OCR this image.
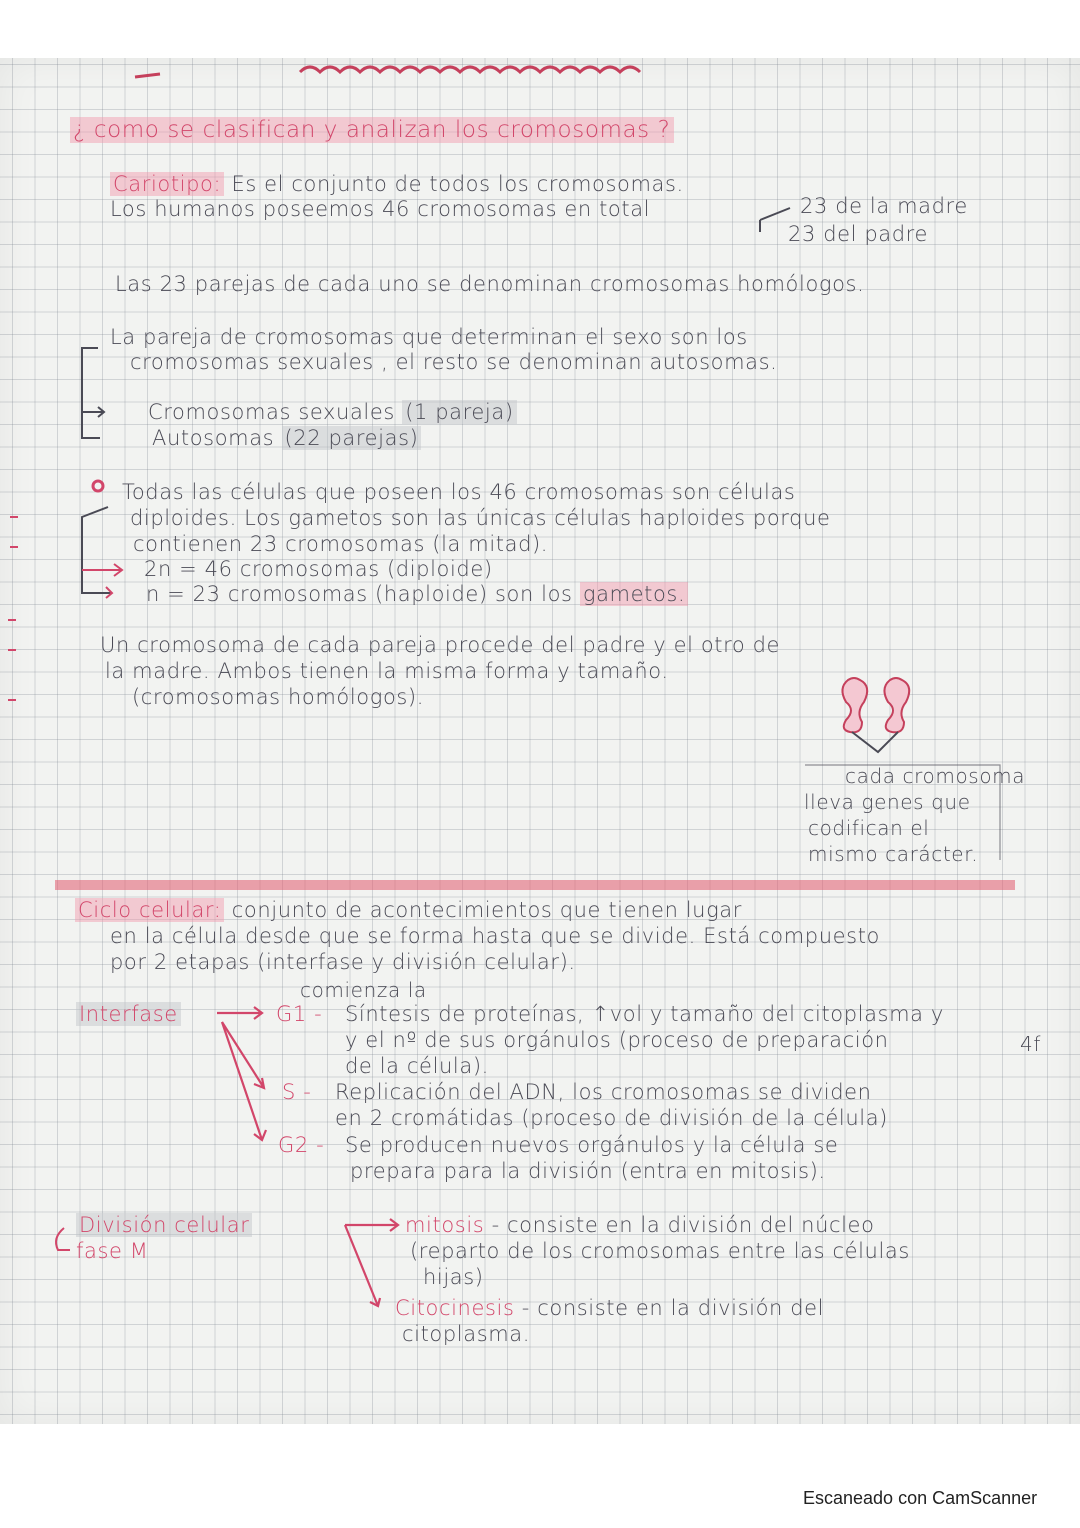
¿ como se clasifican y analizan los cromosomas ?
Cariotipo: Es el conjunto de todos los cromosomas.
Los humanos poseemos 46 cromosomas en total	23 de la madre
23 del padre
Las 23 parejas de cada uno se denominan cromosomas homólogos.
La pareja de cromosomas que determinan el sexo son los
cromosomas sexuales , el resto se denominan autosomas.
Cromosomas sexuales (1 pareja)
Autosomas (22 parejas)
Todas las células que poseen los 46 cromosomas son células
diploides. Los gametos son las únicas células haploides porque
contienen 23 cromosomas (la mitad).
2n = 46 cromosomas (diploide)
n = 23 cromosomas (haploide) son los gametos.
Un cromosoma de cada pareja procede del padre y el otro de
la madre. Ambos tienen la misma forma y tamaño.
(cromosomas homólogos).
cada cromosoma
lleva genes que
codifican el
mismo carácter.
Ciclo celular: conjunto de acontecimientos que tienen lugar
en la célula desde que se forma hasta que se divide. Está compuesto
por 2 etapas (interfase y división celular).
comienza la
Interfase	G1 - Síntesis de proteínas, ↑vol y tamaño del citoplasma y
y el nº de sus orgánulos (proceso de preparación	4f
de la célula).
S - Replicación del ADN, los cromosomas se dividen
en 2 cromátidas (proceso de división de la célula)
G2 - Se producen nuevos orgánulos y la célula se
prepara para la división (entra en mitosis).
División celular
fase M
mitosis - consiste en la división del núcleo
(reparto de los cromosomas entre las células
hijas)
Citocinesis - consiste en la división del
citoplasma.
Escaneado con CamScanner
